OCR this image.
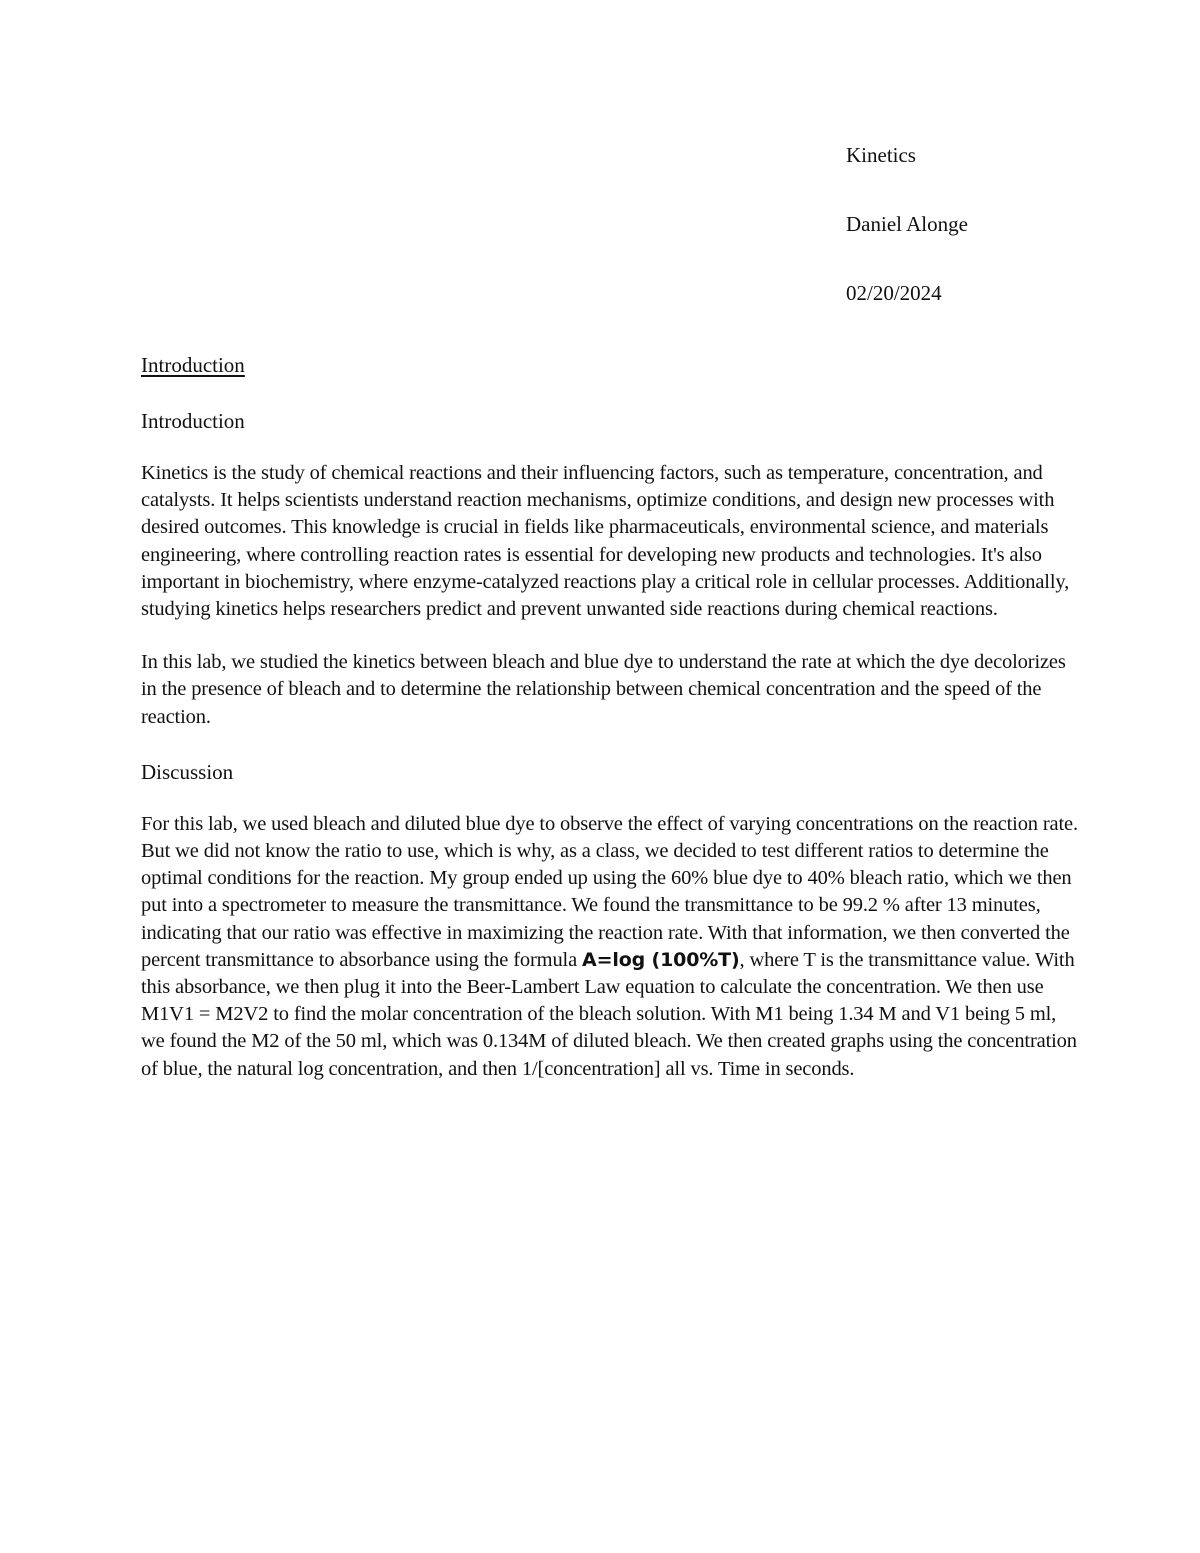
Kinetics
Daniel Alonge
02/20/2024
Introduction
Introduction

Kinetics is the study of chemical reactions and their influencing factors, such as temperature, concentration, and catalysts. It helps scientists understand reaction mechanisms, optimize conditions, and design new processes with desired outcomes. This knowledge is crucial in fields like pharmaceuticals, environmental science, and materials engineering, where controlling reaction rates is essential for developing new products and technologies. It's also important in biochemistry, where enzyme-catalyzed reactions play a critical role in cellular processes. Additionally, studying kinetics helps researchers predict and prevent unwanted side reactions during chemical reactions.

In this lab, we studied the kinetics between bleach and blue dye to understand the rate at which the dye decolorizes in the presence of bleach and to determine the relationship between chemical concentration and the speed of the reaction.

Discussion

For this lab, we used bleach and diluted blue dye to observe the effect of varying concentrations on the reaction rate. But we did not know the ratio to use, which is why, as a class, we decided to test different ratios to determine the optimal conditions for the reaction. My group ended up using the 60% blue dye to 40% bleach ratio, which we then put into a spectrometer to measure the transmittance. We found the transmittance to be 99.2 % after 13 minutes, indicating that our ratio was effective in maximizing the reaction rate. With that information, we then converted the percent transmittance to absorbance using the formula A=log (100%T), where T is the transmittance value. With this absorbance, we then plug it into the Beer-Lambert Law equation to calculate the concentration. We then use M1V1 = M2V2 to find the molar concentration of the bleach solution. With M1 being 1.34 M and V1 being 5 ml, we found the M2 of the 50 ml, which was 0.134M of diluted bleach. We then created graphs using the concentration of blue, the natural log concentration, and then 1/[concentration] all vs. Time in seconds.
